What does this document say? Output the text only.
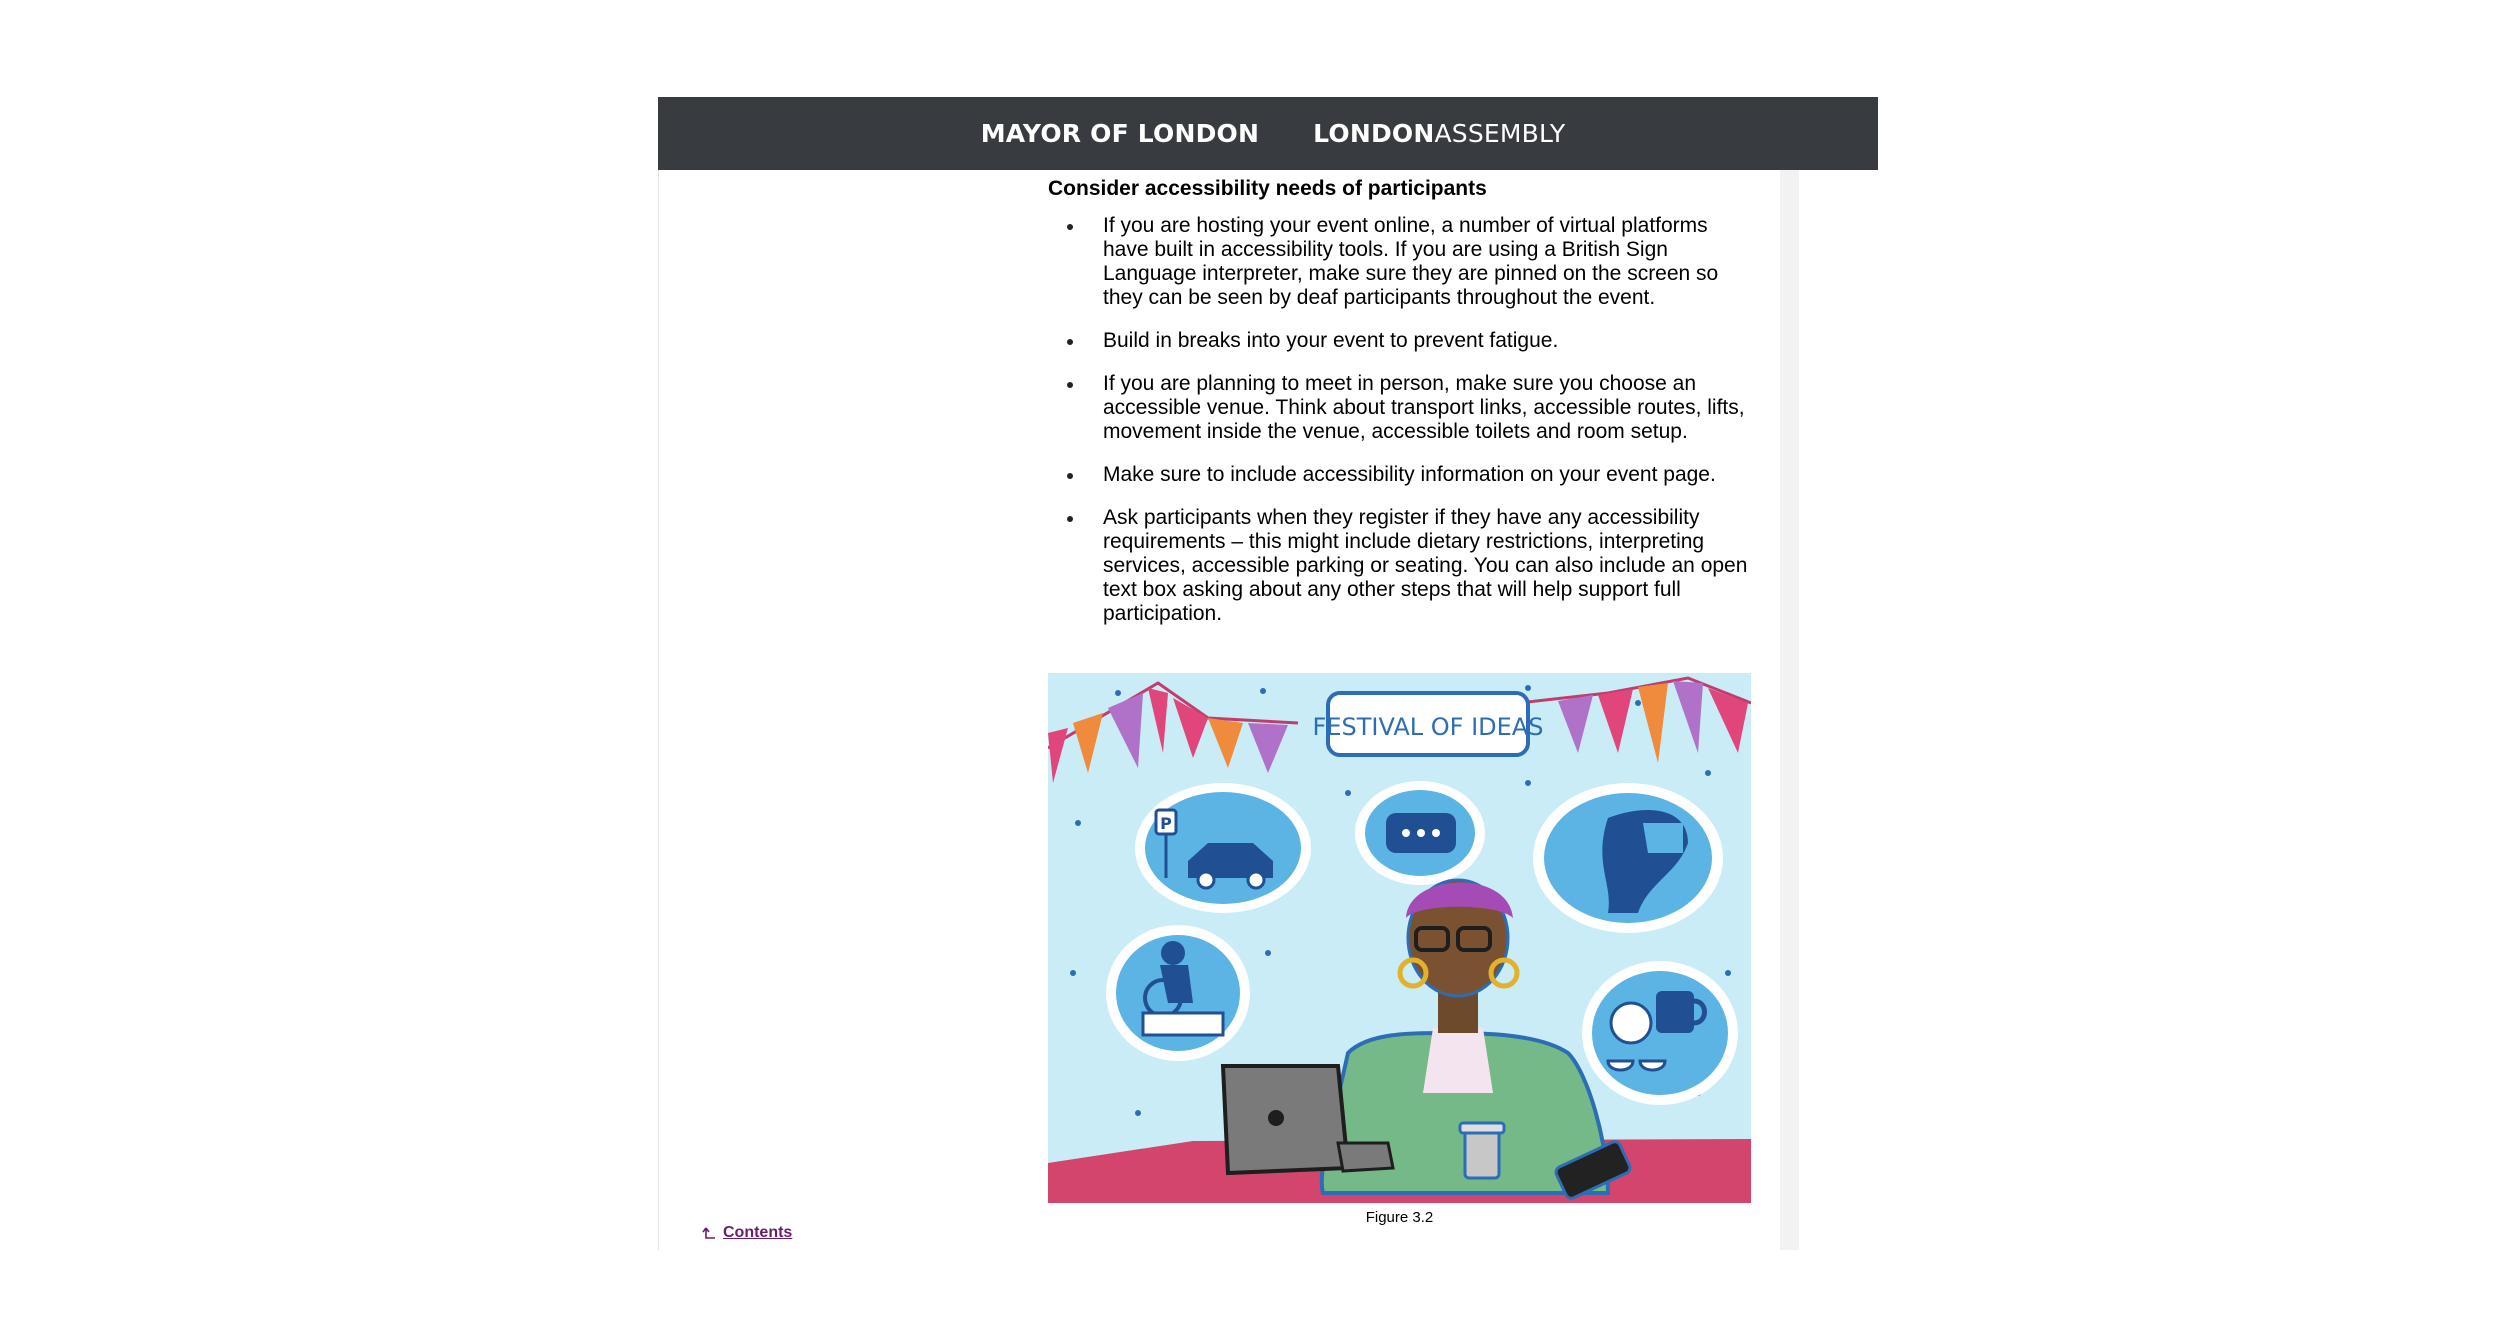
MAYOR OF LONDON LONDONASSEMBLY
Consider accessibility needs of participants
If you are hosting your event online, a number of virtual platforms have built in accessibility tools. If you are using a British Sign Language interpreter, make sure they are pinned on the screen so they can be seen by deaf participants throughout the event.
Build in breaks into your event to prevent fatigue.
If you are planning to meet in person, make sure you choose an accessible venue. Think about transport links, accessible routes, lifts, movement inside the venue, accessible toilets and room setup.
Make sure to include accessibility information on your event page.
Ask participants when they register if they have any accessibility requirements – this might include dietary restrictions, interpreting services, accessible parking or seating. You can also include an open text box asking about any other steps that will help support full participation.
FESTIVAL OF IDEAS
P
Figure 3.2
Contents
